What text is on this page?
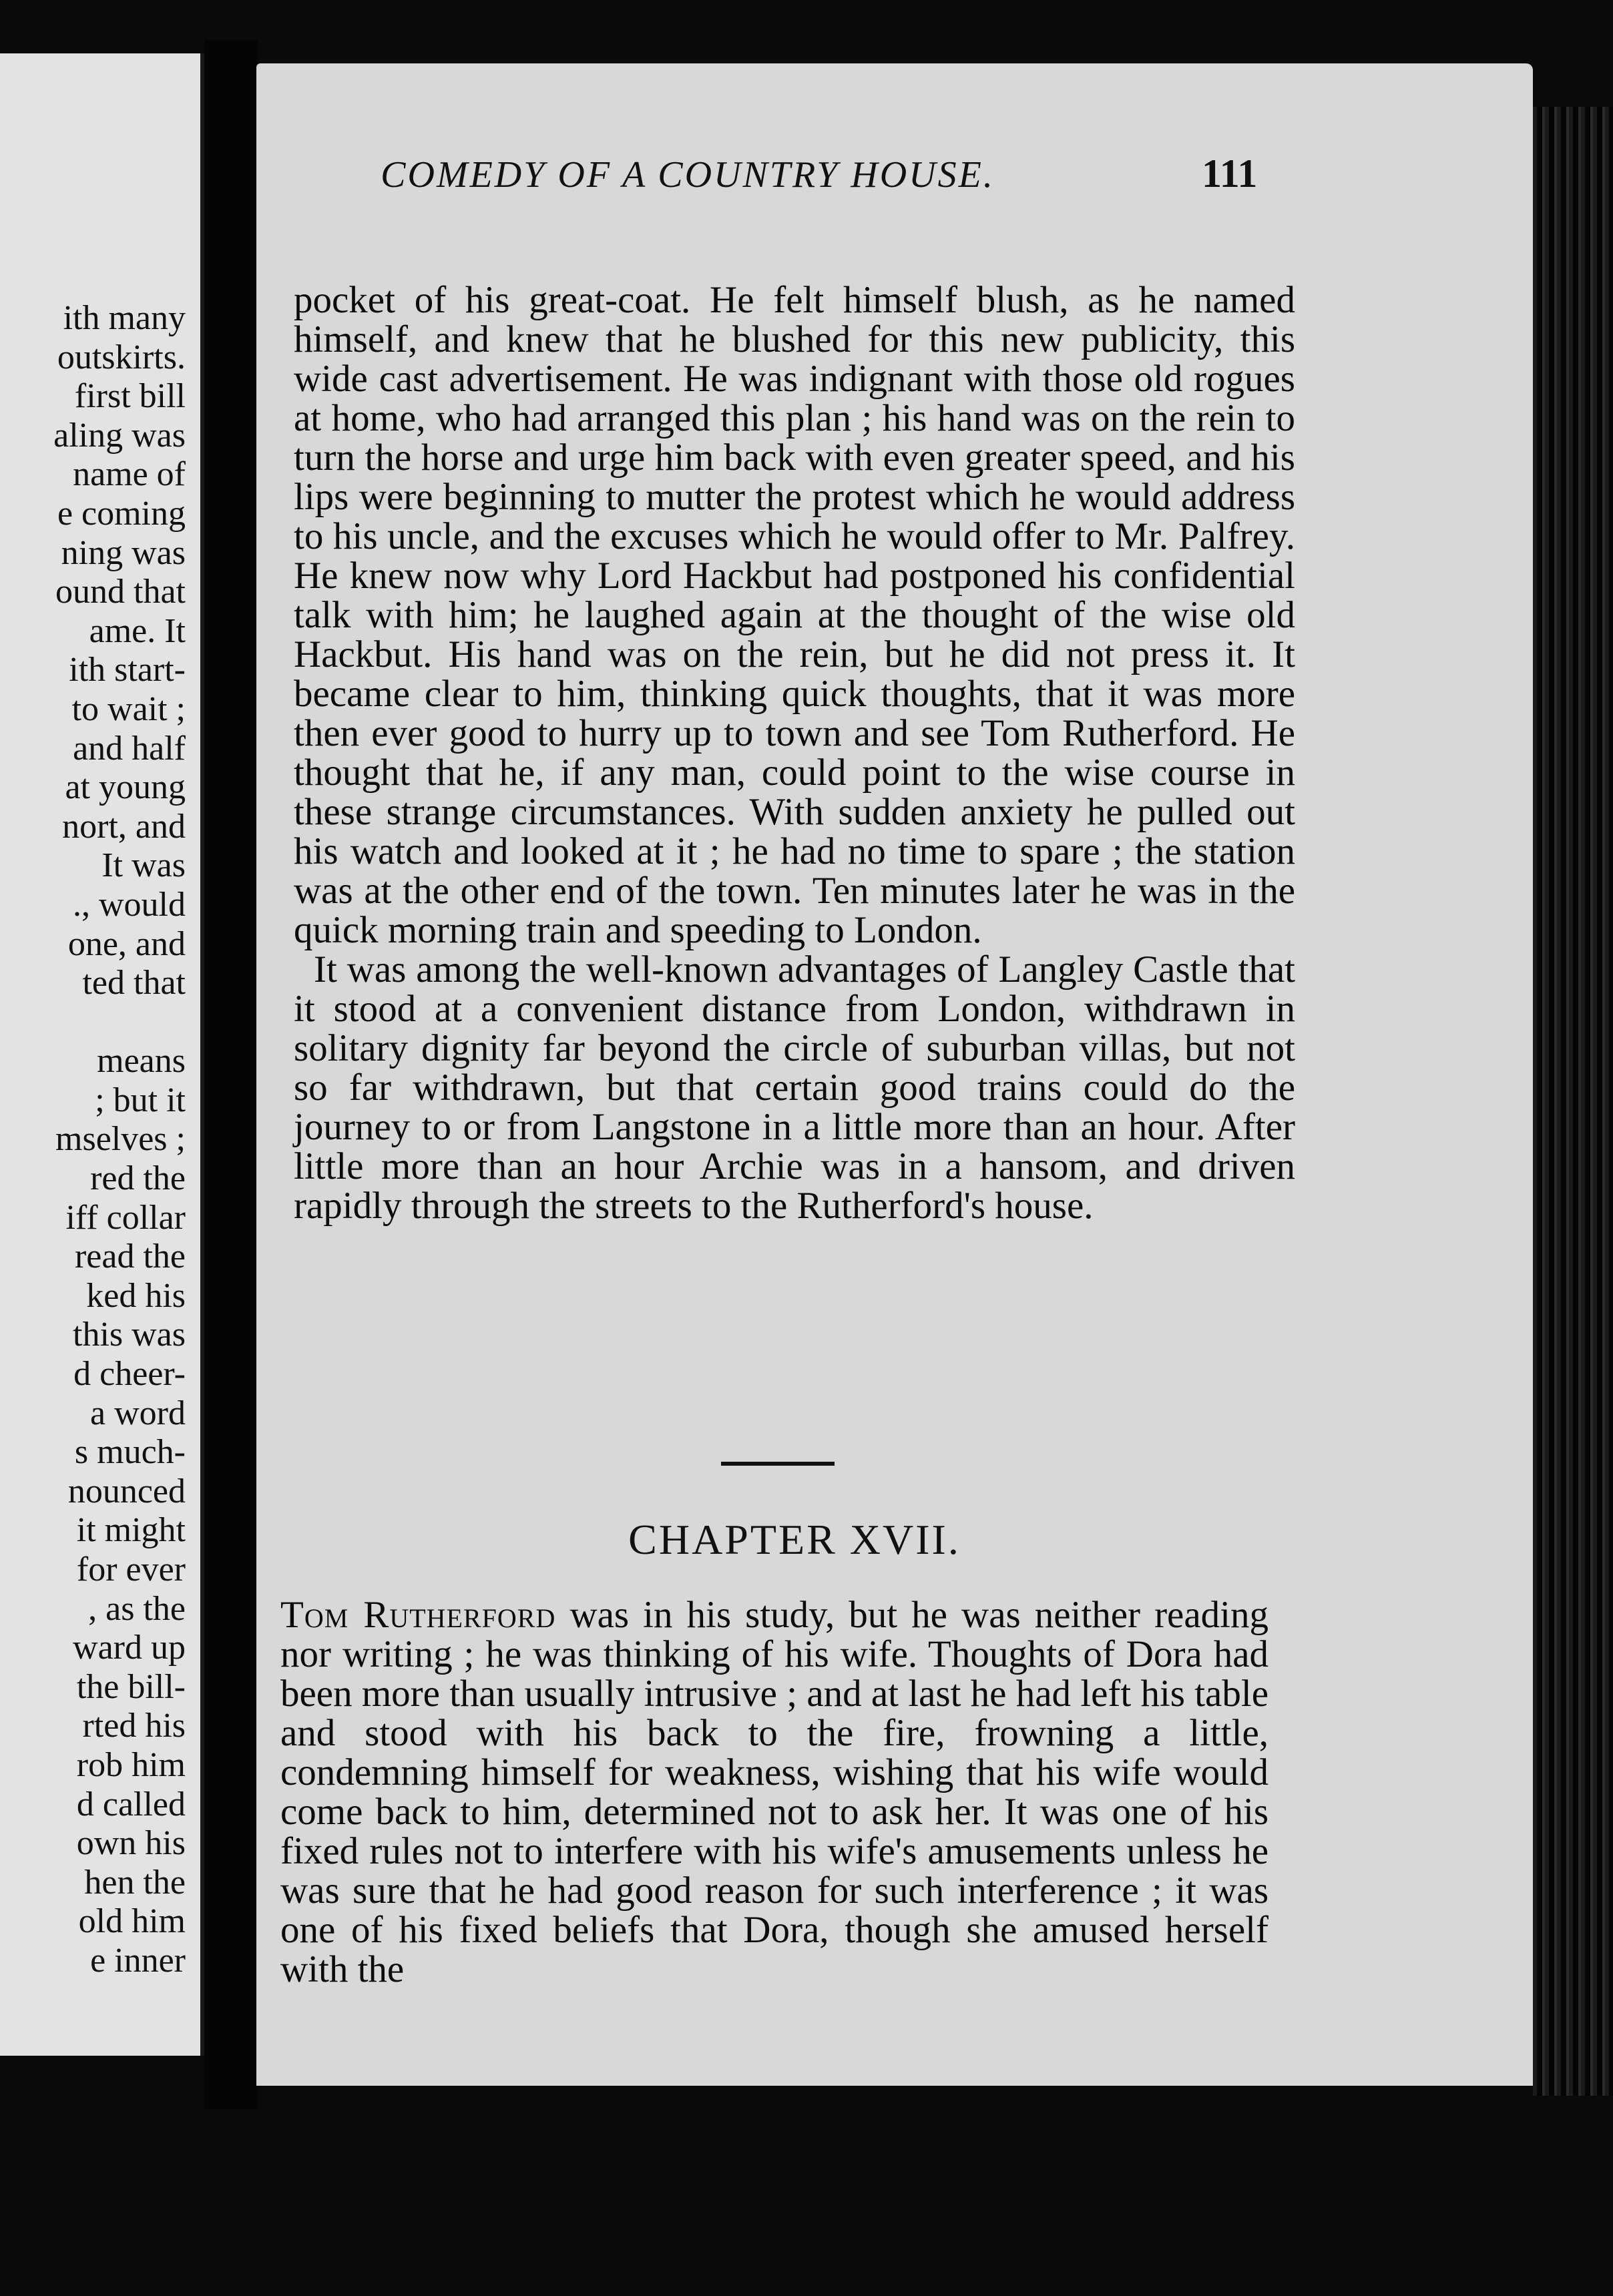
ith many
outskirts.
first bill
aling was
name of
e coming
ning was
ound that
ame. It
ith start-
to wait ;
and half
at young
nort, and
It was
., would
one, and
ted that
means
; but it
mselves ;
red the
iff collar
read the
ked his
this was
d cheer-
a word
s much-
nounced
it might
for ever
, as the
ward up
the bill-
rted his
rob him
d called
own his
hen the
old him
e inner
COMEDY OF A COUNTRY HOUSE.	111

pocket of his great-coat. He felt himself blush, as he named himself, and knew that he blushed for this new publicity, this wide cast advertisement. He was indignant with those old rogues at home, who had arranged this plan ; his hand was on the rein to turn the horse and urge him back with even greater speed, and his lips were beginning to mutter the protest which he would address to his uncle, and the excuses which he would offer to Mr. Palfrey. He knew now why Lord Hackbut had postponed his confidential talk with him; he laughed again at the thought of the wise old Hackbut. His hand was on the rein, but he did not press it. It became clear to him, thinking quick thoughts, that it was more then ever good to hurry up to town and see Tom Rutherford. He thought that he, if any man, could point to the wise course in these strange circumstances. With sudden anxiety he pulled out his watch and looked at it ; he had no time to spare ; the station was at the other end of the town. Ten minutes later he was in the quick morning train and speeding to London.

It was among the well-known advantages of Langley Castle that it stood at a convenient distance from London, withdrawn in solitary dignity far beyond the circle of suburban villas, but not so far withdrawn, but that certain good trains could do the journey to or from Langstone in a little more than an hour. After little more than an hour Archie was in a hansom, and driven rapidly through the streets to the Rutherford's house.

CHAPTER XVII.

Tom Rutherford was in his study, but he was neither reading nor writing ; he was thinking of his wife. Thoughts of Dora had been more than usually intrusive ; and at last he had left his table and stood with his back to the fire, frowning a little, condemning himself for weakness, wishing that his wife would come back to him, determined not to ask her. It was one of his fixed rules not to interfere with his wife's amusements unless he was sure that he had good reason for such interference ; it was one of his fixed beliefs that Dora, though she amused herself with the
